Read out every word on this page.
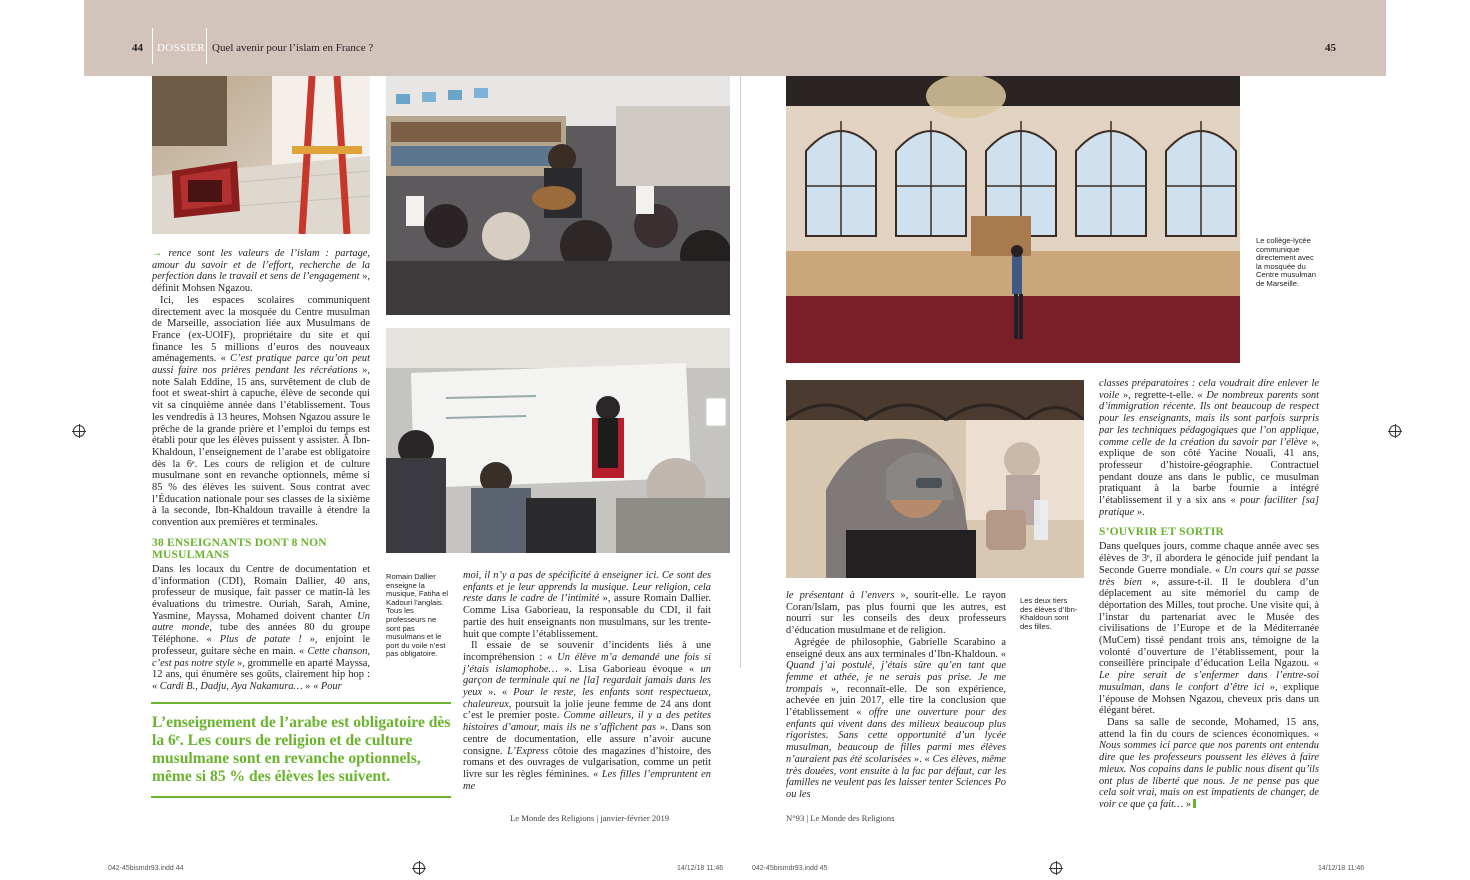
44 DOSSIER Quel avenir pour l’islam en France ?	45

→ rence sont les valeurs de l’islam : partage, amour du savoir et de l’effort, recherche de la perfection dans le travail et sens de l’engagement », définit Mohsen Ngazou.

Ici, les espaces scolaires communiquent directement avec la mosquée du Centre musulman de Marseille, association liée aux Musulmans de France (ex-UOIF), propriétaire du site et qui finance les 5 millions d’euros des nouveaux aménagements. « C’est pratique parce qu’on peut aussi faire nos prières pendant les récréations », note Salah Eddine, 15 ans, survêtement de club de foot et sweat-shirt à capuche, élève de seconde qui vit sa cinquième année dans l’établissement. Tous les vendredis à 13 heures, Mohsen Ngazou assure le prêche de la grande prière et l’emploi du temps est établi pour que les élèves puissent y assister. À Ibn-Khaldoun, l’enseignement de l’arabe est obligatoire dès la 6ᵉ. Les cours de religion et de culture musulmane sont en revanche optionnels, même si 85 % des élèves les suivent. Sous contrat avec l’Éducation nationale pour ses classes de la sixième à la seconde, Ibn-Khaldoun travaille à étendre la convention aux premières et terminales.

38 ENSEIGNANTS DONT 8 NON MUSULMANS

Dans les locaux du Centre de documentation et d’information (CDI), Romain Dallier, 40 ans, professeur de musique, fait passer ce matin-là les évaluations du trimestre. Ouriah, Sarah, Amine, Yasmine, Mayssa, Mohamed doivent chanter Un autre monde, tube des années 80 du groupe Téléphone. « Plus de patate ! », enjoint le professeur, guitare sèche en main. « Cette chanson, c’est pas notre style », grommelle en aparté Mayssa, 12 ans, qui énumère ses goûts, clairement hip hop : « Cardi B., Dadju, Aya Nakamura… » « Pour

L’enseignement de l’arabe est obligatoire dès la 6ᵉ. Les cours de religion et de culture musulmane sont en revanche optionnels, même si 85 % des élèves les suivent.
Romain Dallier enseigne la musique, Fatiha el Kadouri l’anglais. Tous les professeurs ne sont pas musulmans et le port du voile n’est pas obligatoire.

moi, il n’y a pas de spécificité à enseigner ici. Ce sont des enfants et je leur apprends la musique. Leur religion, cela reste dans le cadre de l’intimité », assure Romain Dallier. Comme Lisa Gaborieau, la responsable du CDI, il fait partie des huit enseignants non musulmans, sur les trente-huit que compte l’établissement.

Il essaie de se souvenir d’incidents liés à une incompréhension : « Un élève m’a demandé une fois si j’étais islamophobe… ». Lisa Gaborieau évoque « un garçon de terminale qui ne [la] regardait jamais dans les yeux ». « Pour le reste, les enfants sont respectueux, chaleureux, poursuit la jolie jeune femme de 24 ans dont c’est le premier poste. Comme ailleurs, il y a des petites histoires d’amour, mais ils ne s’affichent pas ». Dans son centre de documentation, elle assure n’avoir aucune consigne. L’Express côtoie des magazines d’histoire, des romans et des ouvrages de vulgarisation, comme un petit livre sur les règles féminines. « Les filles l’empruntent en me

Le Monde des Religions | janvier-février 2019
Le collège-lycée communique directement avec la mosquée du Centre musulman de Marseille.
Les deux tiers des élèves d’Ibn-Khaldoun sont des filles.

le présentant à l’envers », sourit-elle. Le rayon Coran/Islam, pas plus fourni que les autres, est nourri sur les conseils des deux professeurs d’éducation musulmane et de religion.

Agrégée de philosophie, Gabrielle Scarabino a enseigné deux ans aux terminales d’Ibn-Khaldoun. « Quand j’ai postulé, j’étais sûre qu’en tant que femme et athée, je ne serais pas prise. Je me trompais », reconnaît-elle. De son expérience, achevée en juin 2017, elle tire la conclusion que l’établissement « offre une ouverture pour des enfants qui vivent dans des milieux beaucoup plus rigoristes. Sans cette opportunité d’un lycée musulman, beaucoup de filles parmi mes élèves n’auraient pas été scolarisées ». « Ces élèves, même très douées, vont ensuite à la fac par défaut, car les familles ne veulent pas les laisser tenter Sciences Po ou les

classes préparatoires : cela voudrait dire enlever le voile », regrette-t-elle. « De nombreux parents sont d’immigration récente. Ils ont beaucoup de respect pour les enseignants, mais ils sont parfois surpris par les techniques pédagogiques que l’on applique, comme celle de la création du savoir par l’élève », explique de son côté Yacine Nouali, 41 ans, professeur d’histoire-géographie. Contractuel pendant douze ans dans le public, ce musulman pratiquant à la barbe fournie a intégré l’établissement il y a six ans « pour faciliter [sa] pratique ».

S’OUVRIR ET SORTIR

Dans quelques jours, comme chaque année avec ses élèves de 3ᵉ, il abordera le génocide juif pendant la Seconde Guerre mondiale. « Un cours qui se passe très bien », assure-t-il. Il le doublera d’un déplacement au site mémoriel du camp de déportation des Milles, tout proche. Une visite qui, à l’instar du partenariat avec le Musée des civilisations de l’Europe et de la Méditerranée (MuCem) tissé pendant trois ans, témoigne de la volonté d’ouverture de l’établissement, pour la conseillère principale d’éducation Leila Ngazou. « Le pire serait de s’enfermer dans l’entre-soi musulman, dans le confort d’être ici », explique l’épouse de Mohsen Ngazou, cheveux pris dans un élégant béret.

Dans sa salle de seconde, Mohamed, 15 ans, attend la fin du cours de sciences économiques. « Nous sommes ici parce que nos parents ont entendu dire que les professeurs poussent les élèves à faire mieux. Nos copains dans le public nous disent qu’ils ont plus de liberté que nous. Je ne pense pas que cela soit vrai, mais on est impatients de changer, de voir ce que ça fait… »

N°93 | Le Monde des Religions
042-45bismdr93.indd 44	14/12/18 11:46	042-45bismdr93.indd 45	14/12/18 11:46
